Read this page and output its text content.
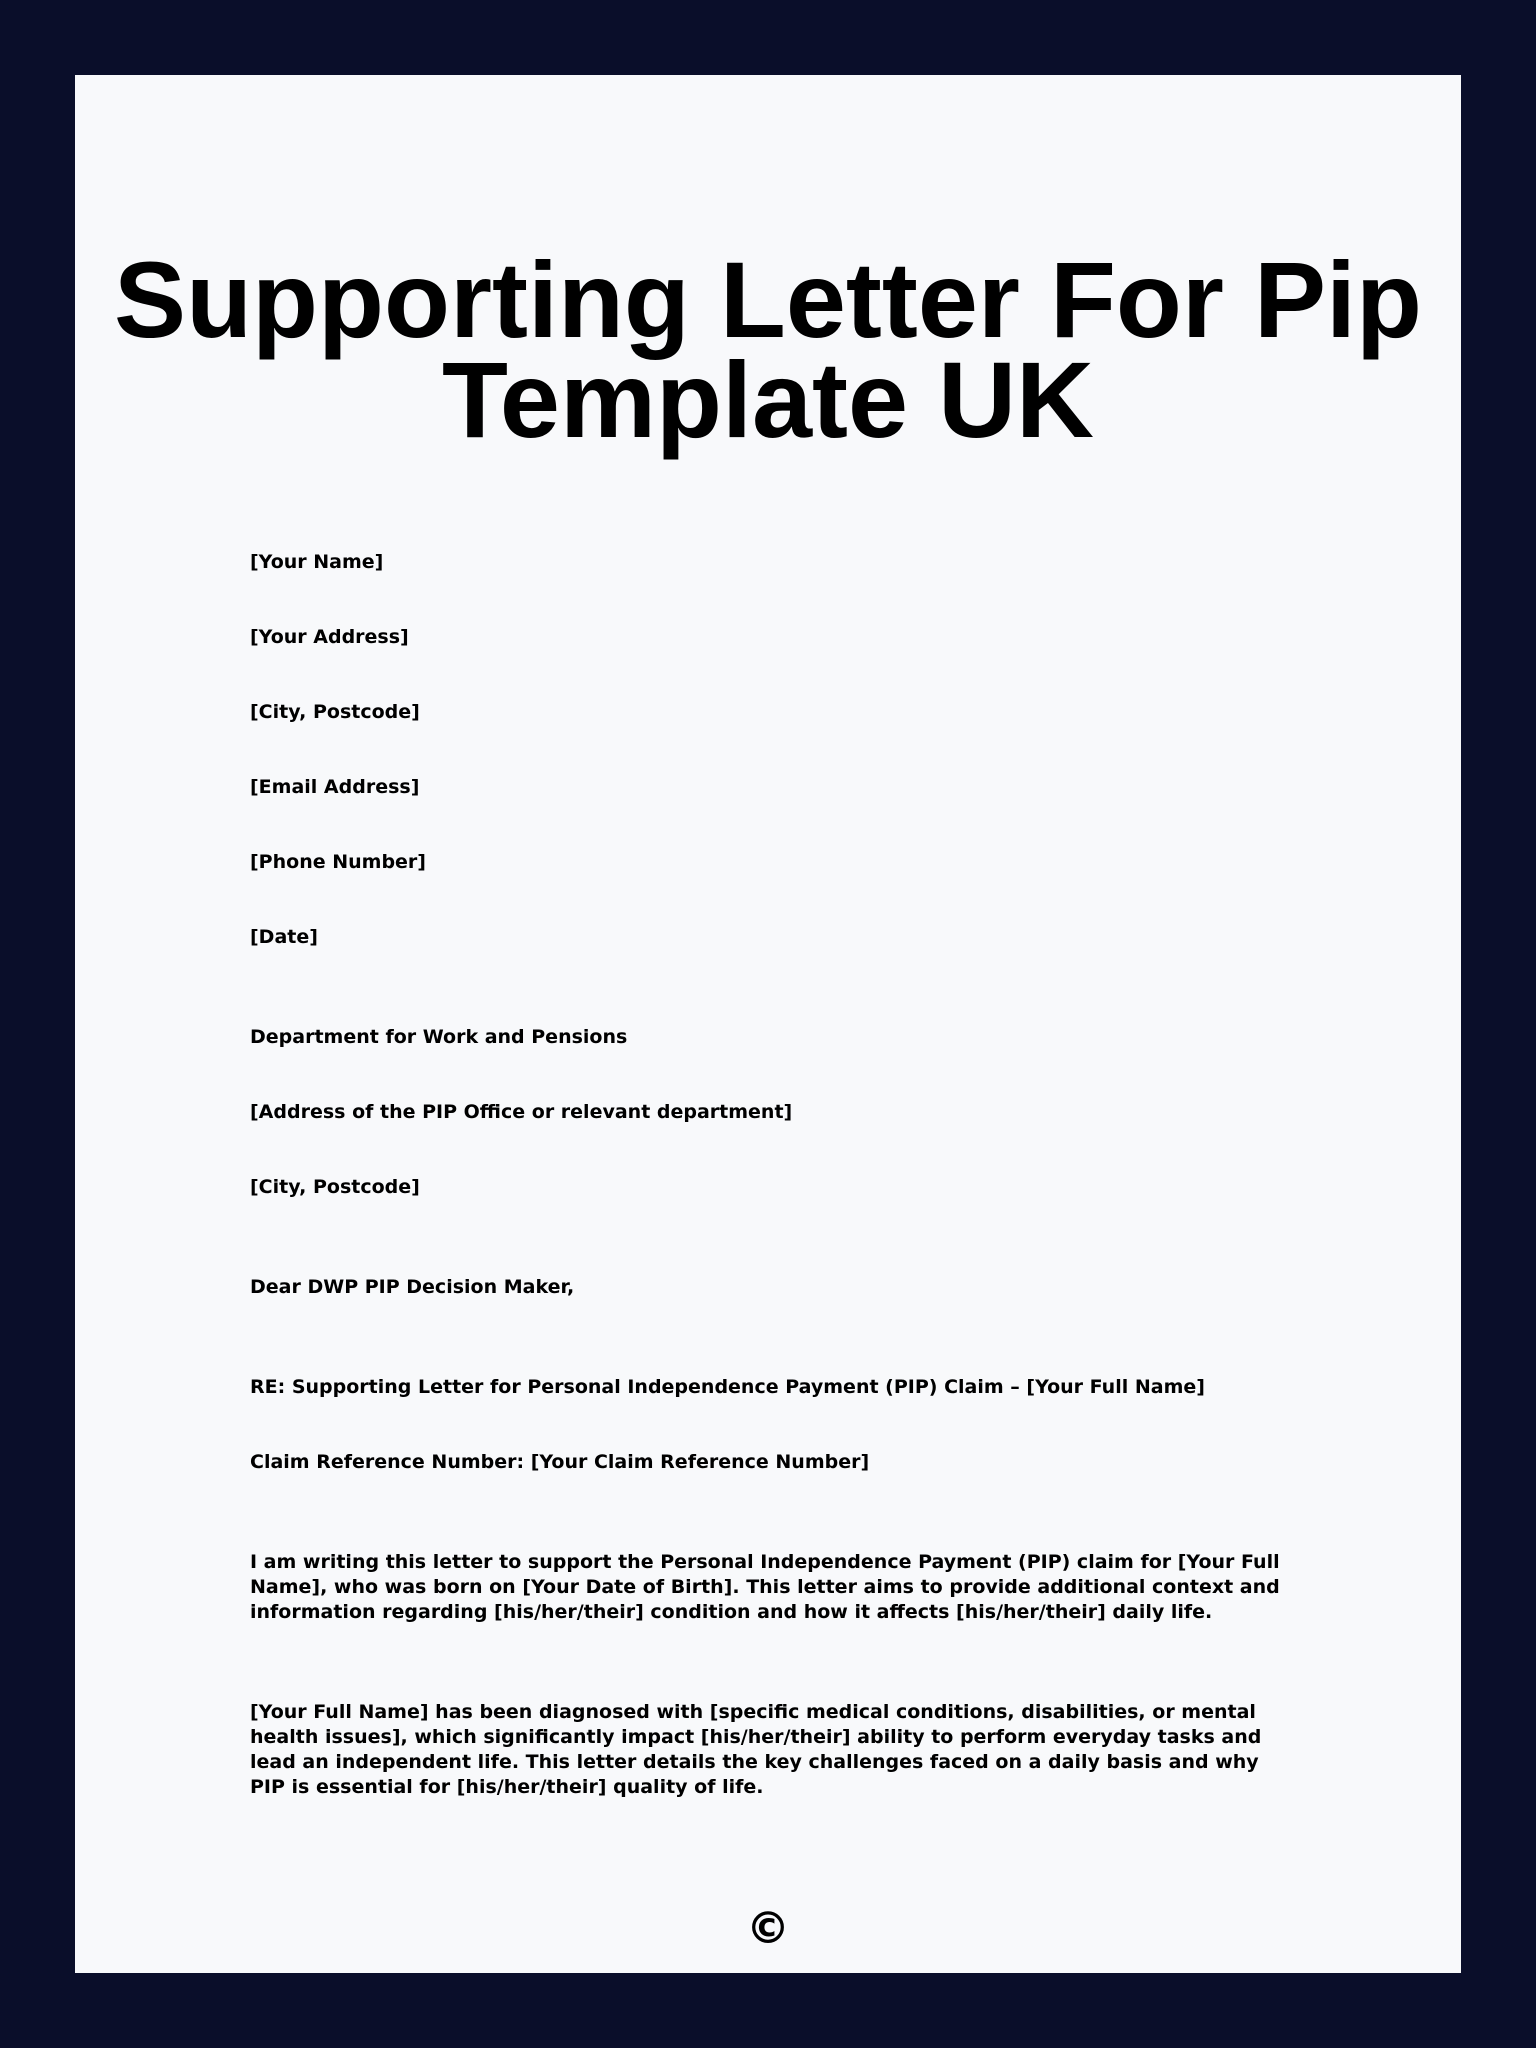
Supporting Letter For Pip
Template UK

[Your Name]

[Your Address]

[City, Postcode]

[Email Address]

[Phone Number]

[Date]

Department for Work and Pensions

[Address of the PIP Office or relevant department]

[City, Postcode]

Dear DWP PIP Decision Maker,

RE: Supporting Letter for Personal Independence Payment (PIP) Claim – [Your Full Name]

Claim Reference Number: [Your Claim Reference Number]

I am writing this letter to support the Personal Independence Payment (PIP) claim for [Your Full Name], who was born on [Your Date of Birth]. This letter aims to provide additional context and information regarding [his/her/their] condition and how it affects [his/her/their] daily life.

[Your Full Name] has been diagnosed with [specific medical conditions, disabilities, or mental health issues], which significantly impact [his/her/their] ability to perform everyday tasks and lead an independent life. This letter details the key challenges faced on a daily basis and why PIP is essential for [his/her/their] quality of life.

©
